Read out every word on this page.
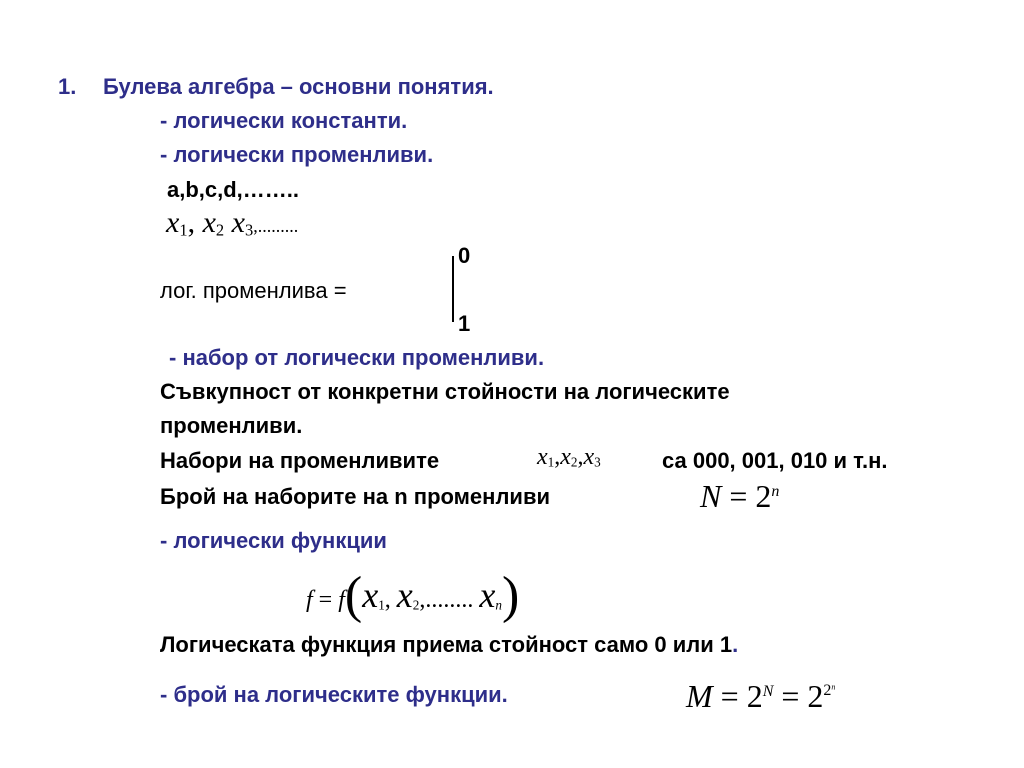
1. Булева алгебра – основни понятия.
- логически константи.
- логически променливи.
a,b,c,d,……..
$x_1$, $x_2$ $x_3$,.........
0
лог. променлива =
1
- набор от логически променливи.
Съвкупност от конкретни стойности на логическите
променливи.
Набори на променливите	$x_1,x_2,x_3$	са 000, 001, 010 и т.н.
Брой на наборите на n променливи	$N = 2^n$
- логически функции
$f = f(x_1$, $x_2$,........ $x_n$)
Логическата функция приема стойност само 0 или 1.
- брой на логическите функции.	$M = 2^N = 2^{2^n}$
